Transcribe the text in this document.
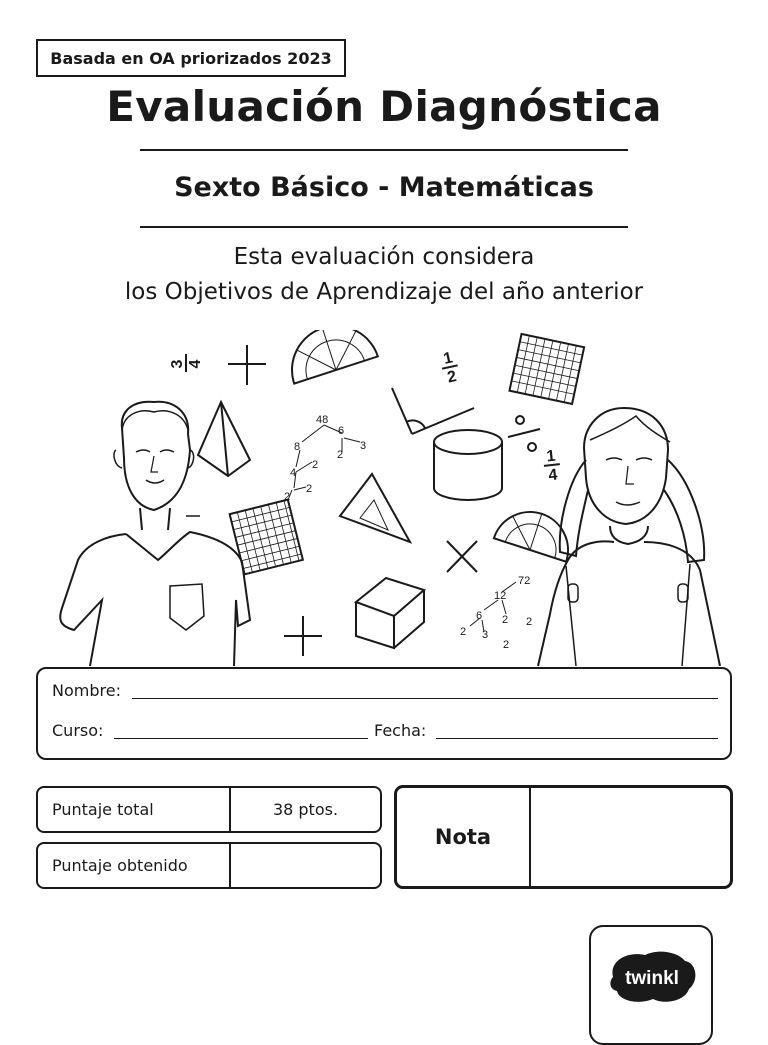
Basada en OA priorizados 2023
Evaluación Diagnóstica
Sexto Básico - Matemáticas
Esta evaluación considera
los Objetivos de Aprendizaje del año anterior
3 4	1
2
48
8
6
3
2
4
2
2
2
1
4
72
12
6 2 2
2 3
2
Nombre:
Curso:	Fecha:
Puntaje total	38 ptos.
Puntaje obtenido
Nota
twinkl
